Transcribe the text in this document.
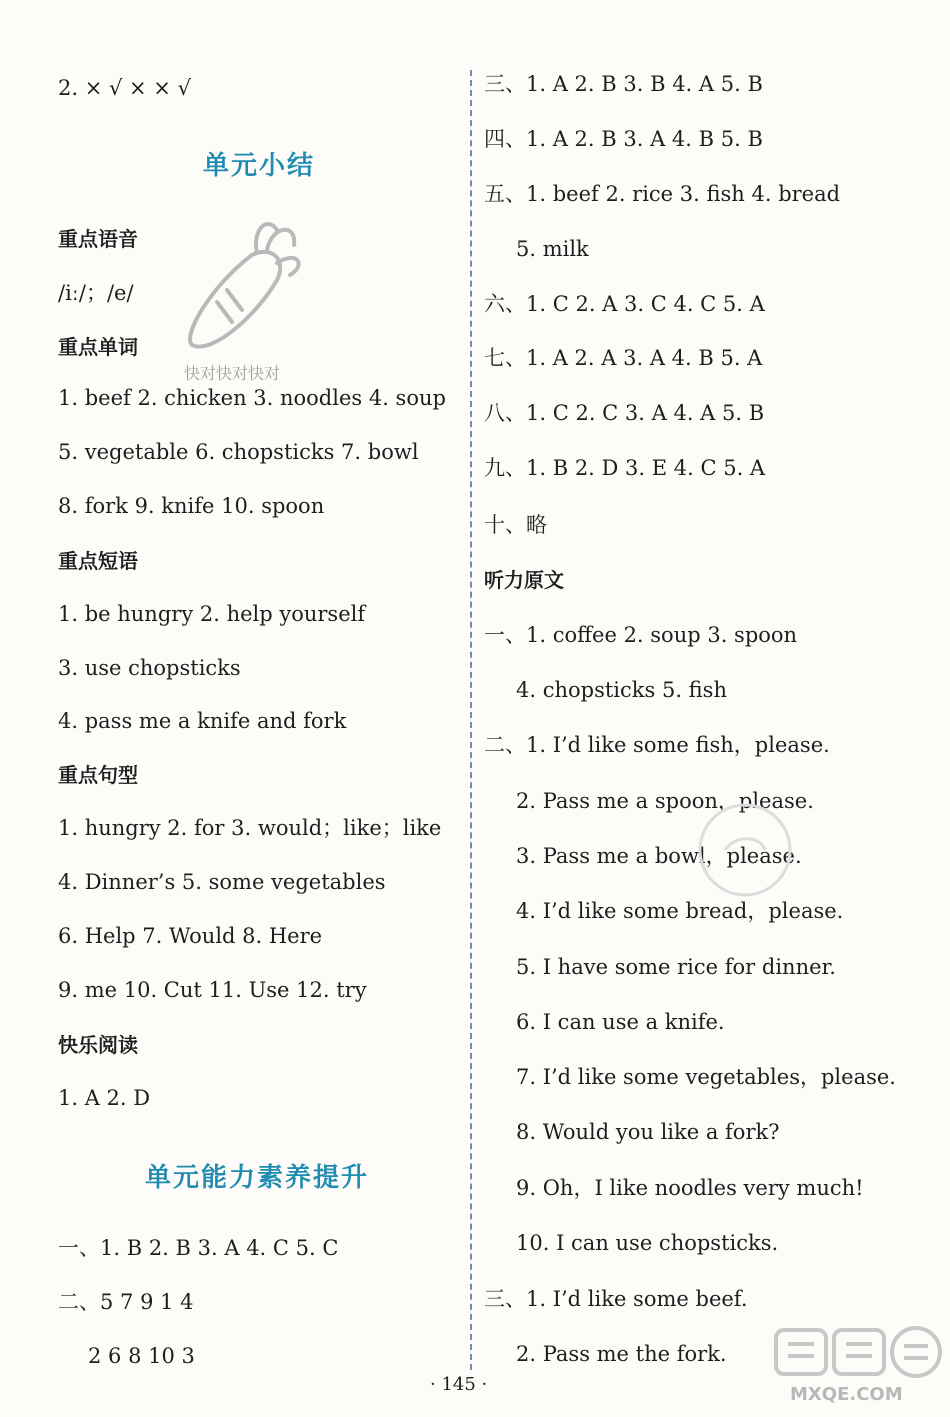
2. × √ × × √
单元小结
重点语音
/iː/；/e/
重点单词
1. beef 2. chicken 3. noodles 4. soup
5. vegetable 6. chopsticks 7. bowl
8. fork 9. knife 10. spoon
重点短语
1. be hungry 2. help yourself
3. use chopsticks
4. pass me a knife and fork
重点句型
1. hungry 2. for 3. would；like；like
4. Dinner’s 5. some vegetables
6. Help 7. Would 8. Here
9. me 10. Cut 11. Use 12. try
快乐阅读
1. A 2. D
单元能力素养提升
一、1. B 2. B 3. A 4. C 5. C
二、5 7 9 1 4
2 6 8 10 3
三、1. A 2. B 3. B 4. A 5. B
四、1. A 2. B 3. A 4. B 5. B
五、1. beef 2. rice 3. fish 4. bread
5. milk
六、1. C 2. A 3. C 4. C 5. A
七、1. A 2. A 3. A 4. B 5. A
八、1. C 2. C 3. A 4. A 5. B
九、1. B 2. D 3. E 4. C 5. A
十、略
听力原文
一、1. coffee 2. soup 3. spoon
4. chopsticks 5. fish
二、1. I’d like some fish，please.
2. Pass me a spoon，please.
3. Pass me a bowl，please.
4. I’d like some bread，please.
5. I have some rice for dinner.
6. I can use a knife.
7. I’d like some vegetables，please.
8. Would you like a fork?
9. Oh，I like noodles very much!
10. I can use chopsticks.
三、1. I’d like some beef.
2. Pass me the fork.
快对快对快对
· 145 ·	MXQE.COM
